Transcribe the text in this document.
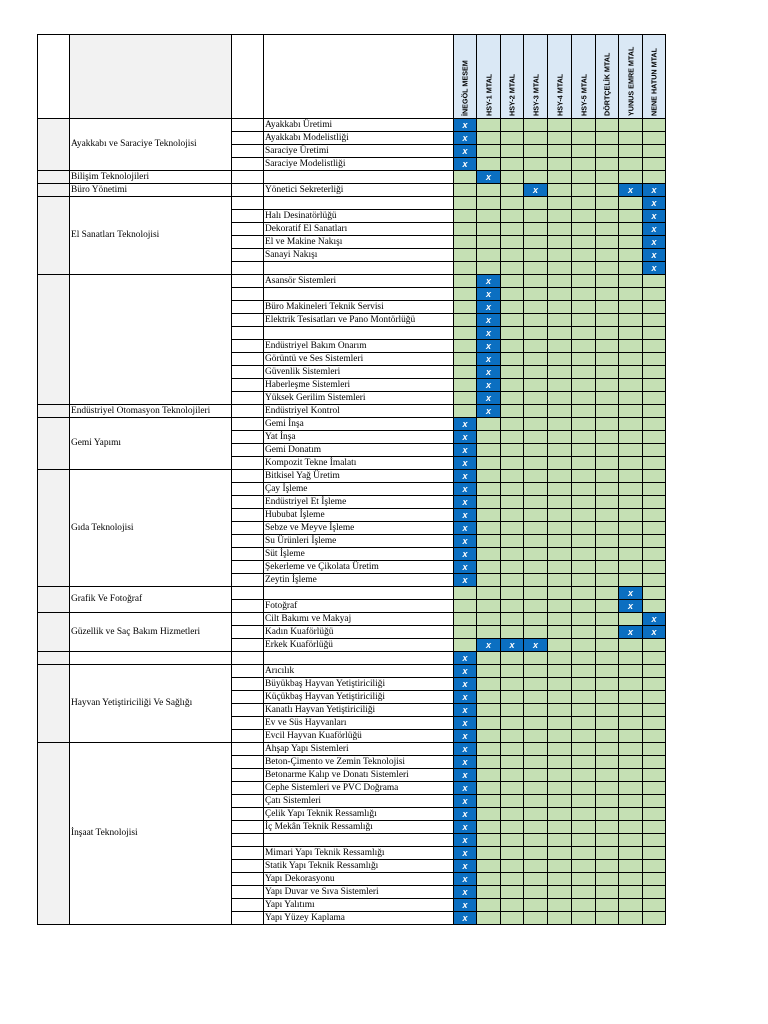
				İNEGÖL MESEM	HSY-1 MTAL	HSY-2 MTAL	HSY-3 MTAL	HSY-4 MTAL	HSY-5 MTAL	DÖRTÇELİK MTAL	YUNUS EMRE MTAL	NENE HATUN MTAL

	Ayakkabı ve Saraciye Teknolojisi		Ayakkabı Üretimi	x								
			Ayakkabı Modelistliği	x								
			Saraciye Üretimi	x								
			Saraciye Modelistliği	x								
	Bilişim Teknolojileri				x							
	Büro Yönetimi		Yönetici Sekreterliği				x				x	x
	El Sanatları Teknolojisi											x
			Halı Desinatörlüğü									x
			Dekoratif El Sanatları									x
			El ve Makine Nakışı									x
			Sanayi Nakışı									x
												x
			Asansör Sistemleri		x							
					x							
			Büro Makineleri Teknik Servisi		x							
			Elektrik Tesisatları ve Pano Montörlüğü		x							
					x							
			Endüstriyel Bakım Onarım		x							
			Görüntü ve Ses Sistemleri		x							
			Güvenlik Sistemleri		x							
			Haberleşme Sistemleri		x							
			Yüksek Gerilim Sistemleri		x							
	Endüstriyel Otomasyon Teknolojileri		Endüstriyel Kontrol		x							
	Gemi Yapımı		Gemi İnşa	x								
			Yat İnşa	x								
			Gemi Donatım	x								
			Kompozit Tekne İmalatı	x								
	Gıda Teknolojisi		Bitkisel Yağ Üretim	x								
			Çay İşleme	x								
			Endüstriyel Et İşleme	x								
			Hububat İşleme	x								
			Sebze ve Meyve İşleme	x								
			Su Ürünleri İşleme	x								
			Süt İşleme	x								
			Şekerleme ve Çikolata Üretim	x								
			Zeytin İşleme	x								
	Grafik Ve Fotoğraf										x	
			Fotoğraf								x	
	Güzellik ve Saç Bakım Hizmetleri		Cilt Bakımı ve Makyaj									x
			Kadın Kuaförlüğü								x	x
			Erkek Kuaförlüğü		x	x	x					
				x								
	Hayvan Yetiştiriciliği Ve Sağlığı		Arıcılık	x								
			Büyükbaş Hayvan Yetiştiriciliği	x								
			Küçükbaş Hayvan Yetiştiriciliği	x								
			Kanatlı Hayvan Yetiştiriciliği	x								
			Ev ve Süs Hayvanları	x								
			Evcil Hayvan Kuaförlüğü	x								
	İnşaat Teknolojisi		Ahşap Yapı Sistemleri	x								
			Beton-Çimento ve Zemin Teknolojisi	x								
			Betonarme Kalıp ve Donatı Sistemleri	x								
			Cephe Sistemleri ve PVC Doğrama	x								
			Çatı Sistemleri	x								
			Çelik Yapı Teknik Ressamlığı	x								
			İç Mekân Teknik Ressamlığı	x								
				x								
			Mimari Yapı Teknik Ressamlığı	x								
			Statik Yapı Teknik Ressamlığı	x								
			Yapı Dekorasyonu	x								
			Yapı Duvar ve Sıva Sistemleri	x								
			Yapı Yalıtımı	x								
			Yapı Yüzey Kaplama	x								
